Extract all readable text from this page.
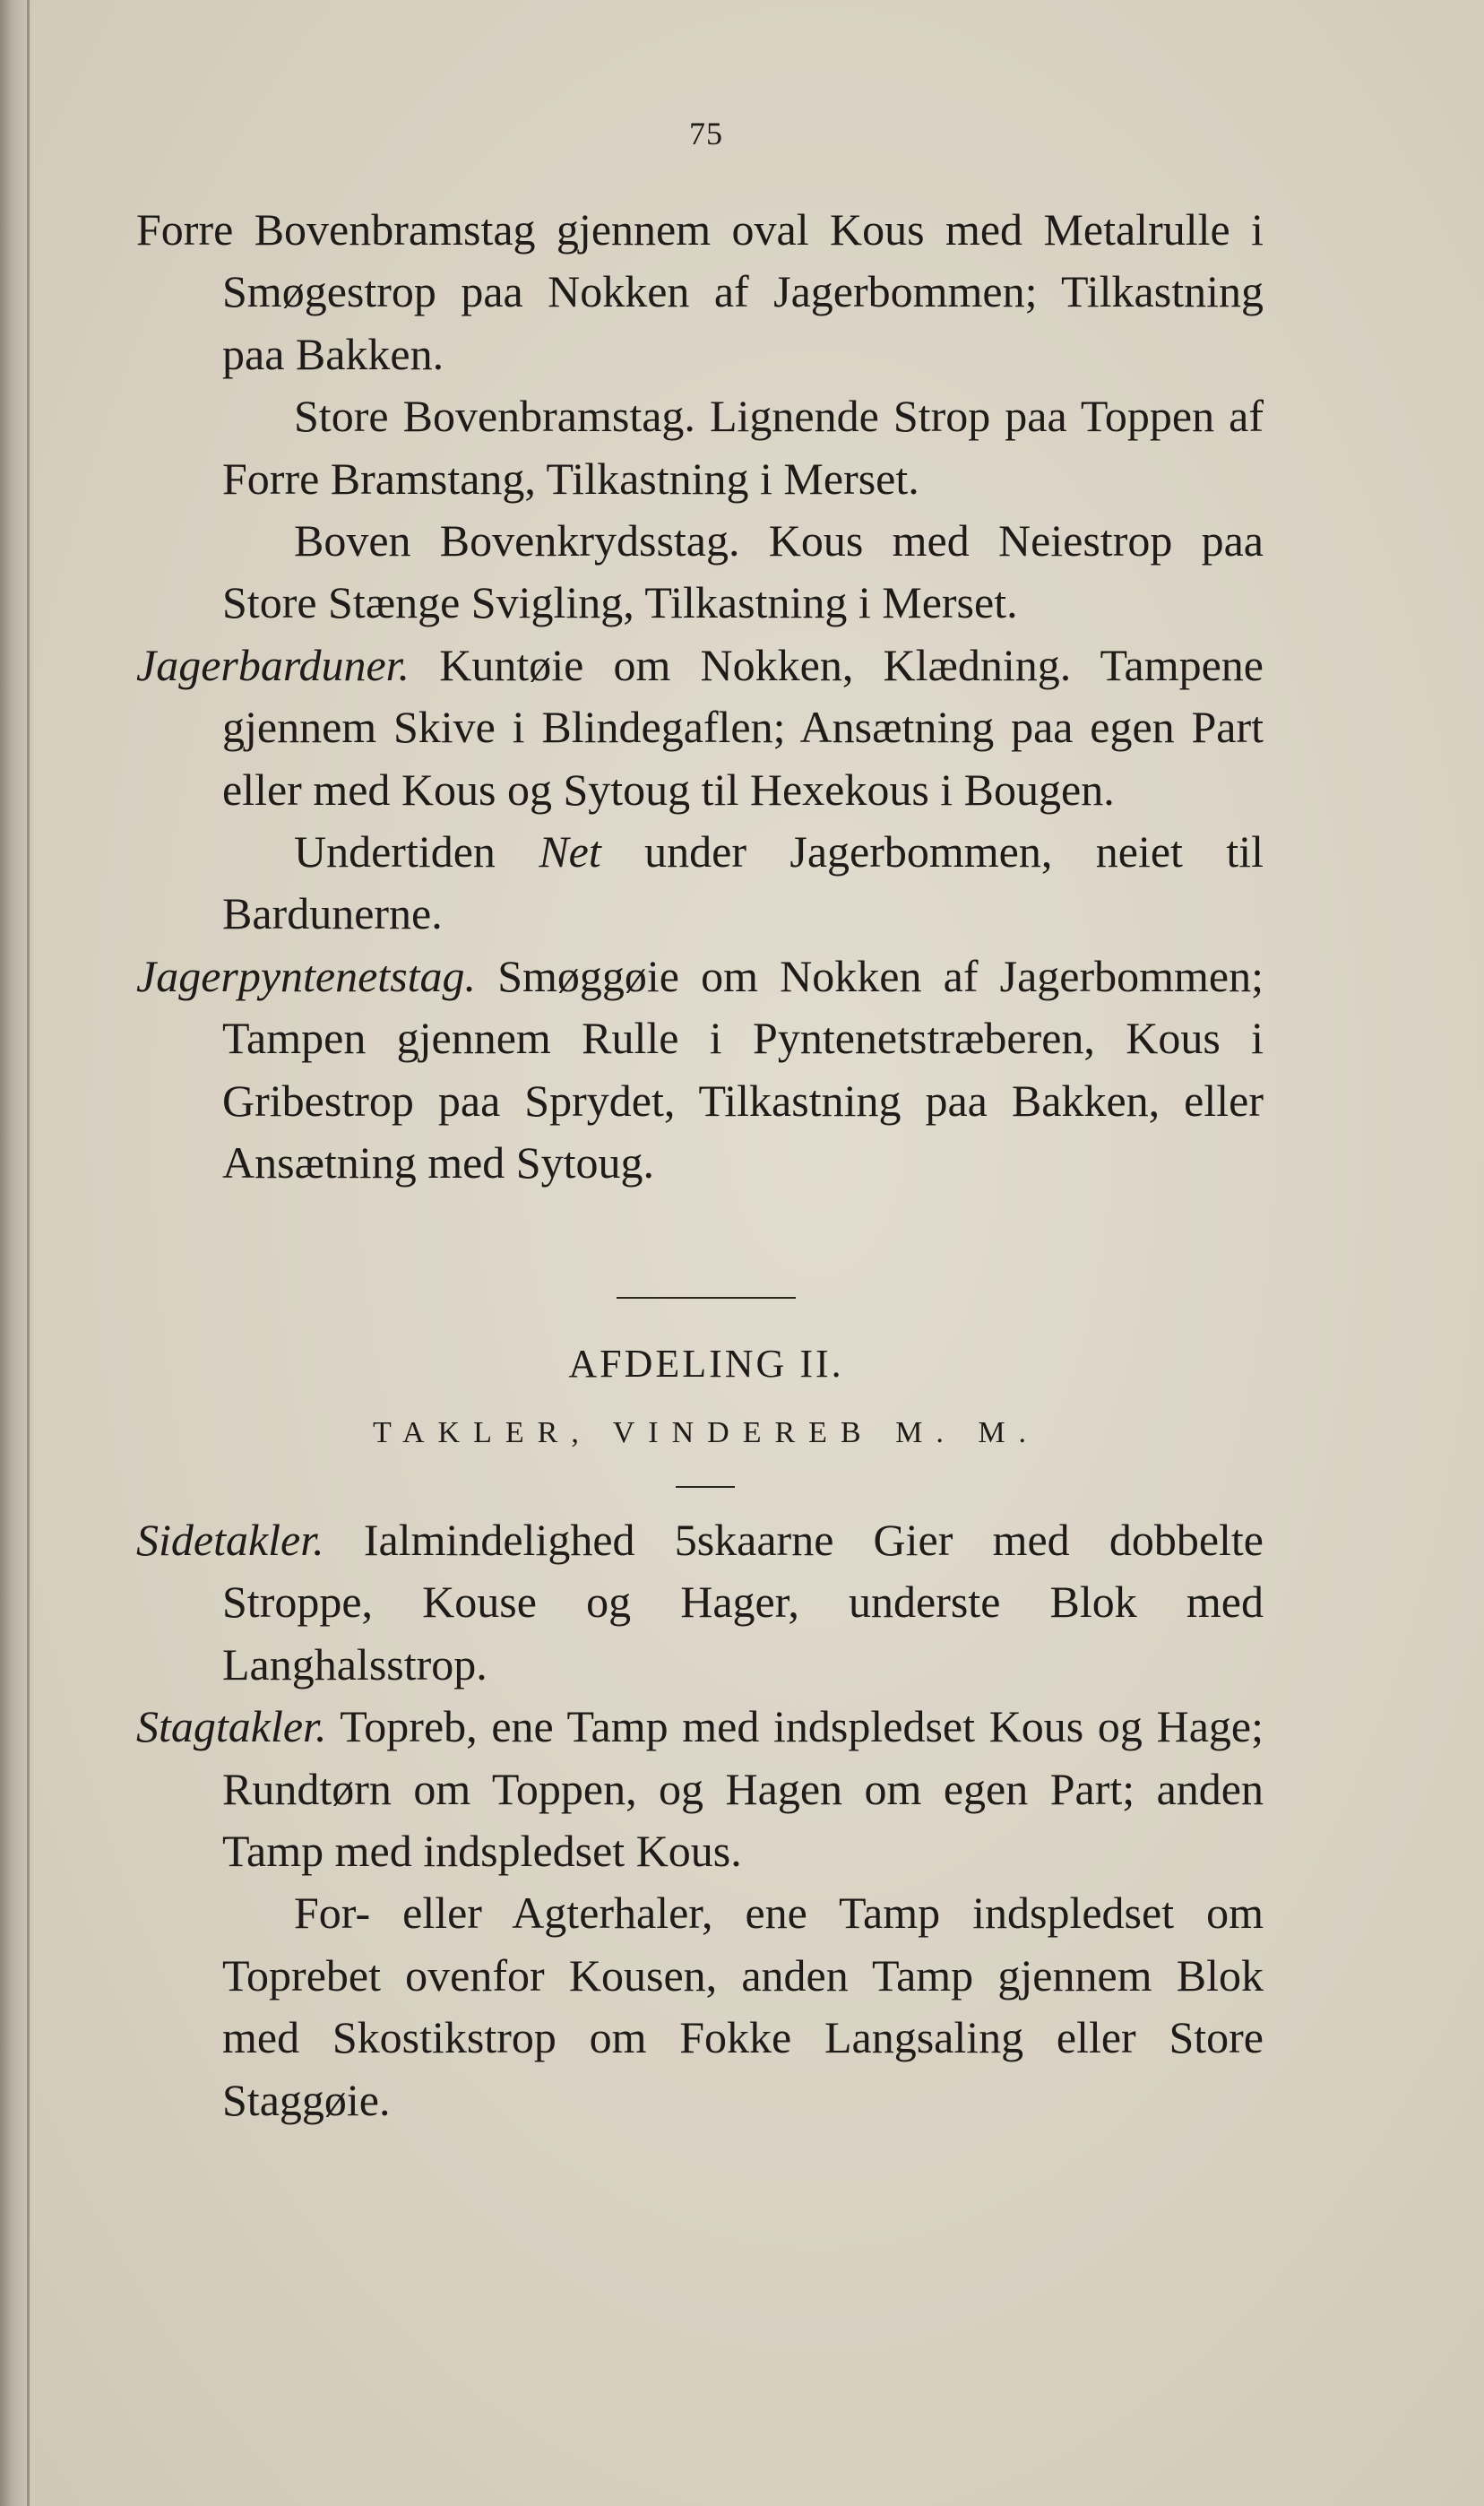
75

Forre Bovenbramstag gjennem oval Kous med Metalrulle i Smøgestrop paa Nokken af Jagerbommen; Tilkastning paa Bakken.

Store Bovenbramstag. Lignende Strop paa Toppen af Forre Bramstang, Tilkastning i Merset.

Boven Bovenkrydsstag. Kous med Neiestrop paa Store Stænge Svigling, Tilkastning i Merset.

Jagerbarduner. Kuntøie om Nokken, Klædning. Tampene gjennem Skive i Blindegaflen; Ansætning paa egen Part eller med Kous og Sytoug til Hexekous i Bougen.

Undertiden Net under Jagerbommen, neiet til Bardunerne.

Jagerpyntenetstag. Smøggøie om Nokken af Jagerbommen; Tampen gjennem Rulle i Pyntenetstræberen, Kous i Gribestrop paa Sprydet, Tilkastning paa Bakken, eller Ansætning med Sytoug.

AFDELING II.
TAKLER, VINDEREB M. M.

Sidetakler. Ialmindelighed 5skaarne Gier med dobbelte Stroppe, Kouse og Hager, underste Blok med Langhalsstrop.

Stagtakler. Topreb, ene Tamp med indspledset Kous og Hage; Rundtørn om Toppen, og Hagen om egen Part; anden Tamp med indspledset Kous.

For- eller Agterhaler, ene Tamp indspledset om Toprebet ovenfor Kousen, anden Tamp gjennem Blok med Skostikstrop om Fokke Langsaling eller Store Staggøie.
